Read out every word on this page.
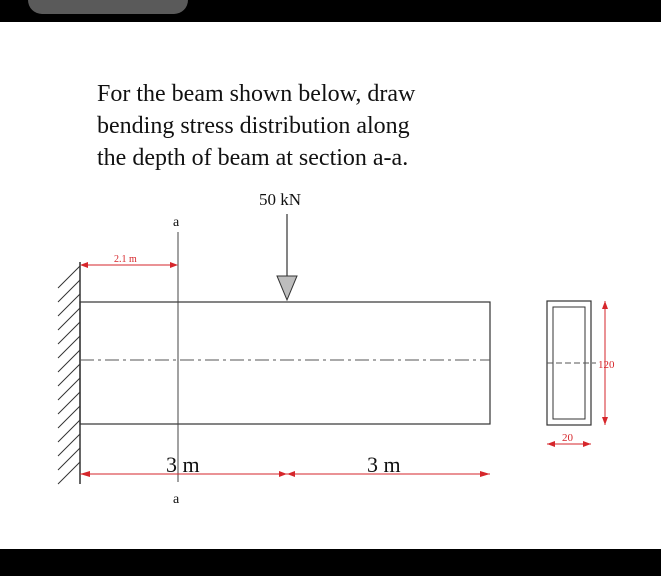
For the beam shown below, draw
bending stress distribution along
the depth of beam at section a-a.
a
a
2.1 m
50 kN
3 m	3 m
120
20
